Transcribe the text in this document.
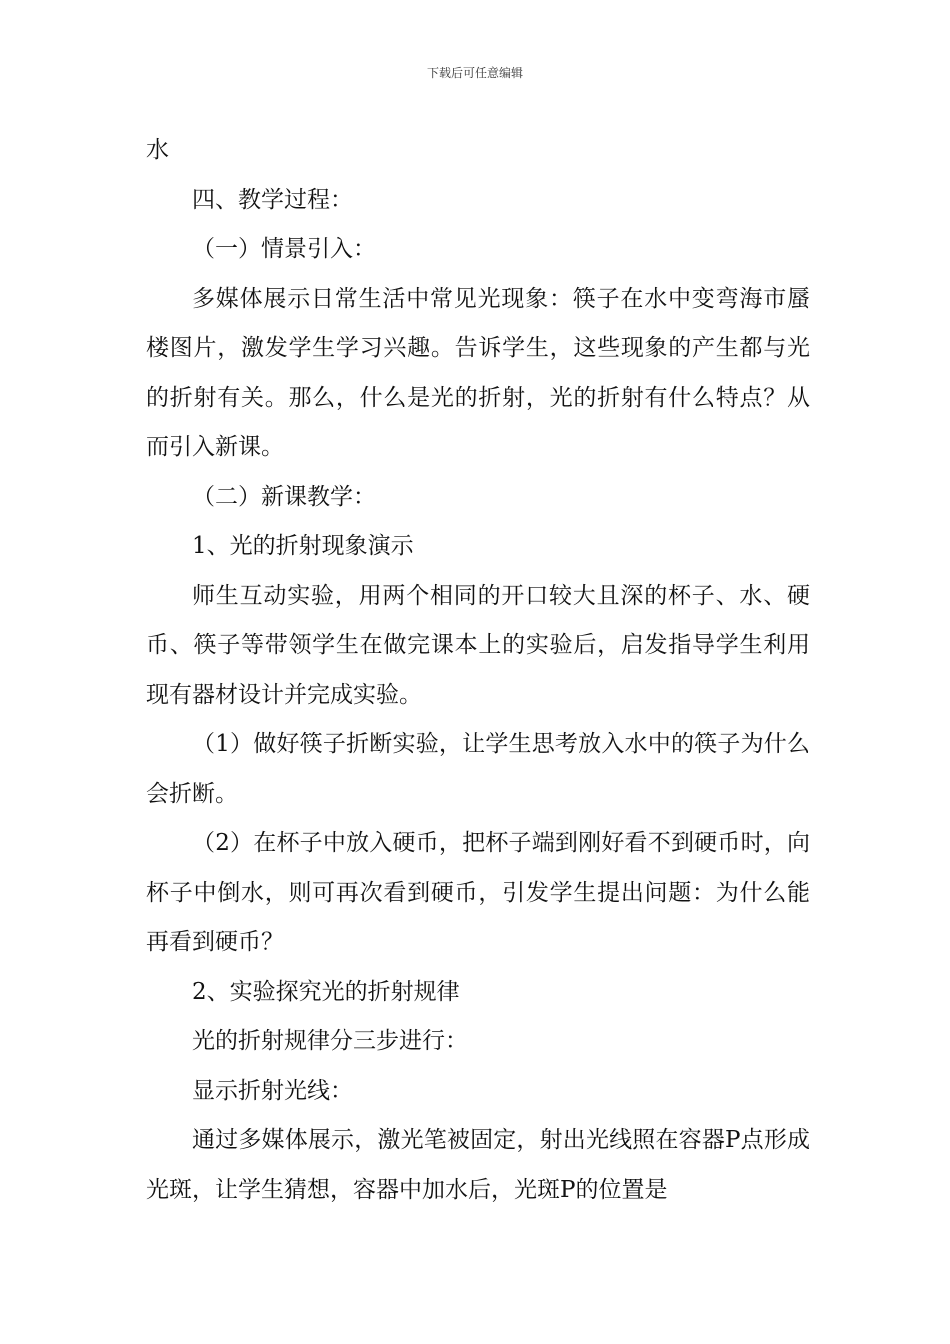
下载后可任意编辑

水

四、教学过程：

（一）情景引入：

多媒体展示日常生活中常见光现象：筷子在水中变弯海市蜃楼图片，激发学生学习兴趣。告诉学生，这些现象的产生都与光的折射有关。那么，什么是光的折射，光的折射有什么特点？从而引入新课。

（二）新课教学：

1、光的折射现象演示

师生互动实验，用两个相同的开口较大且深的杯子、水、硬币、筷子等带领学生在做完课本上的实验后，启发指导学生利用现有器材设计并完成实验。

（1）做好筷子折断实验，让学生思考放入水中的筷子为什么会折断。

（2）在杯子中放入硬币，把杯子端到刚好看不到硬币时，向杯子中倒水，则可再次看到硬币，引发学生提出问题：为什么能再看到硬币？

2、实验探究光的折射规律

光的折射规律分三步进行：

显示折射光线：

通过多媒体展示，激光笔被固定，射出光线照在容器P点形成光斑，让学生猜想，容器中加水后，光斑P的位置是
